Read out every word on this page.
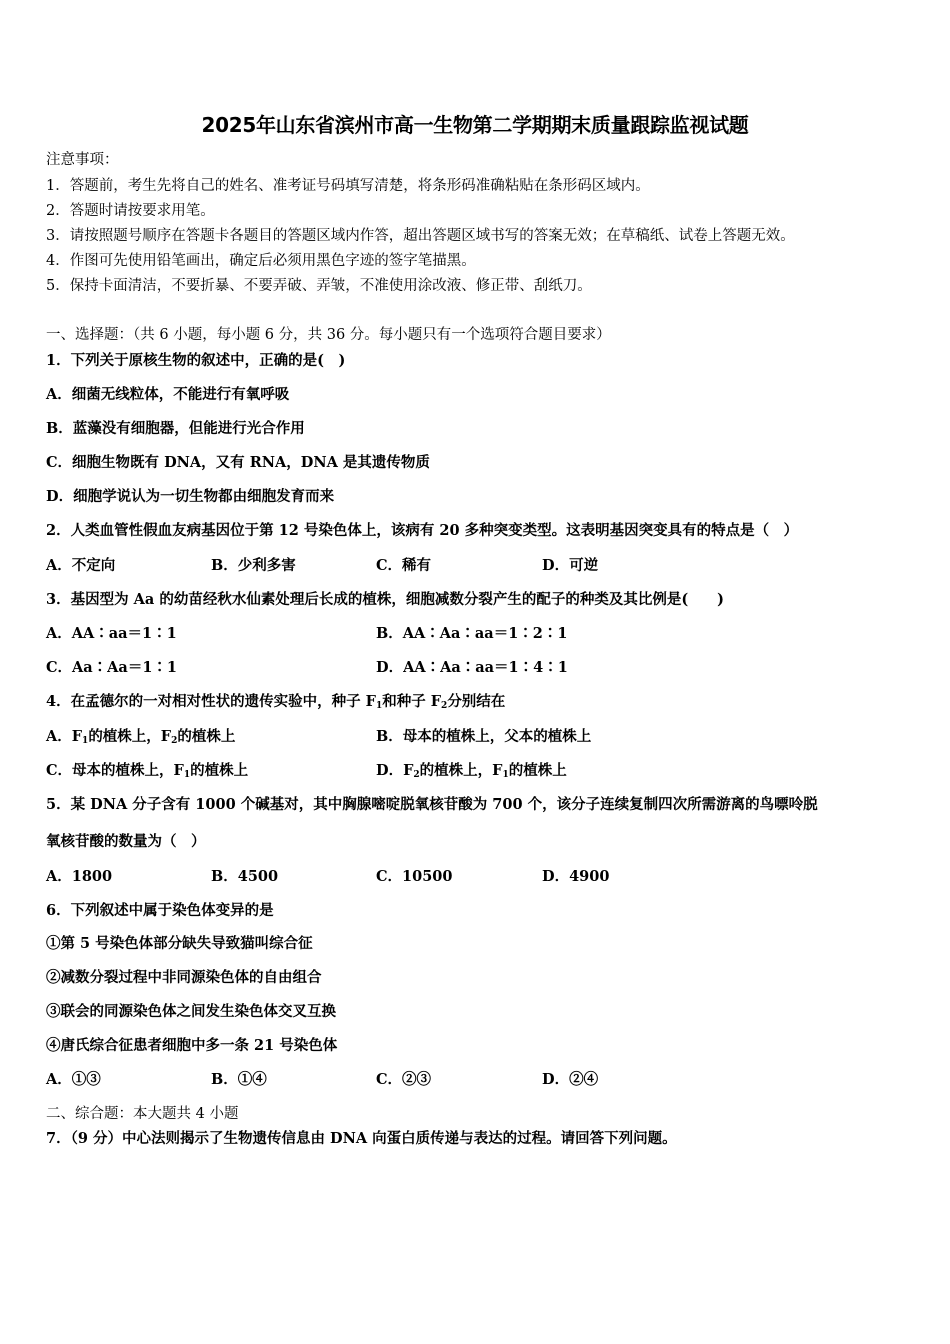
2025年山东省滨州市高一生物第二学期期末质量跟踪监视试题
注意事项：
1．答题前，考生先将自己的姓名、准考证号码填写清楚，将条形码准确粘贴在条形码区域内。
2．答题时请按要求用笔。
3．请按照题号顺序在答题卡各题目的答题区域内作答，超出答题区域书写的答案无效；在草稿纸、试卷上答题无效。
4．作图可先使用铅笔画出，确定后必须用黑色字迹的签字笔描黑。
5．保持卡面清洁，不要折暴、不要弄破、弄皱，不准使用涂改液、修正带、刮纸刀。
一、选择题：（共 6 小题，每小题 6 分，共 36 分。每小题只有一个选项符合题目要求）
1．下列关于原核生物的叙述中，正确的是(　)
A．细菌无线粒体，不能进行有氧呼吸
B．蓝藻没有细胞器，但能进行光合作用
C．细胞生物既有 DNA，又有 RNA，DNA 是其遗传物质
D．细胞学说认为一切生物都由细胞发育而来
2．人类血管性假血友病基因位于第 12 号染色体上，该病有 20 多种突变类型。这表明基因突变具有的特点是（　）
A．不定向	B．少利多害	C．稀有	D．可逆
3．基因型为 Aa 的幼苗经秋水仙素处理后长成的植株，细胞减数分裂产生的配子的种类及其比例是(　　)
A．AA∶aa＝1∶1	B．AA∶Aa∶aa＝1∶2∶1
C．Aa∶Aa＝1∶1	D．AA∶Aa∶aa＝1∶4∶1
4．在孟德尔的一对相对性状的遗传实验中，种子 $F_1$和种子 $F_2$分别结在
A．$F_1$的植株上，$F_2$的植株上	B．母本的植株上，父本的植株上
C．母本的植株上，$F_1$的植株上	D．$F_2$的植株上，$F_1$的植株上
5．某 DNA 分子含有 1000 个碱基对，其中胸腺嘧啶脱氧核苷酸为 700 个，该分子连续复制四次所需游离的鸟嘌呤脱
氧核苷酸的数量为（　）
A．1800	B．4500	C．10500	D．4900
6．下列叙述中属于染色体变异的是
①第 5 号染色体部分缺失导致猫叫综合征
②减数分裂过程中非同源染色体的自由组合
③联会的同源染色体之间发生染色体交叉互换
④唐氏综合征患者细胞中多一条 21 号染色体
A．①③	B．①④	C．②③	D．②④
二、综合题：本大题共 4 小题
7．（9 分）中心法则揭示了生物遗传信息由 DNA 向蛋白质传递与表达的过程。请回答下列问题。
